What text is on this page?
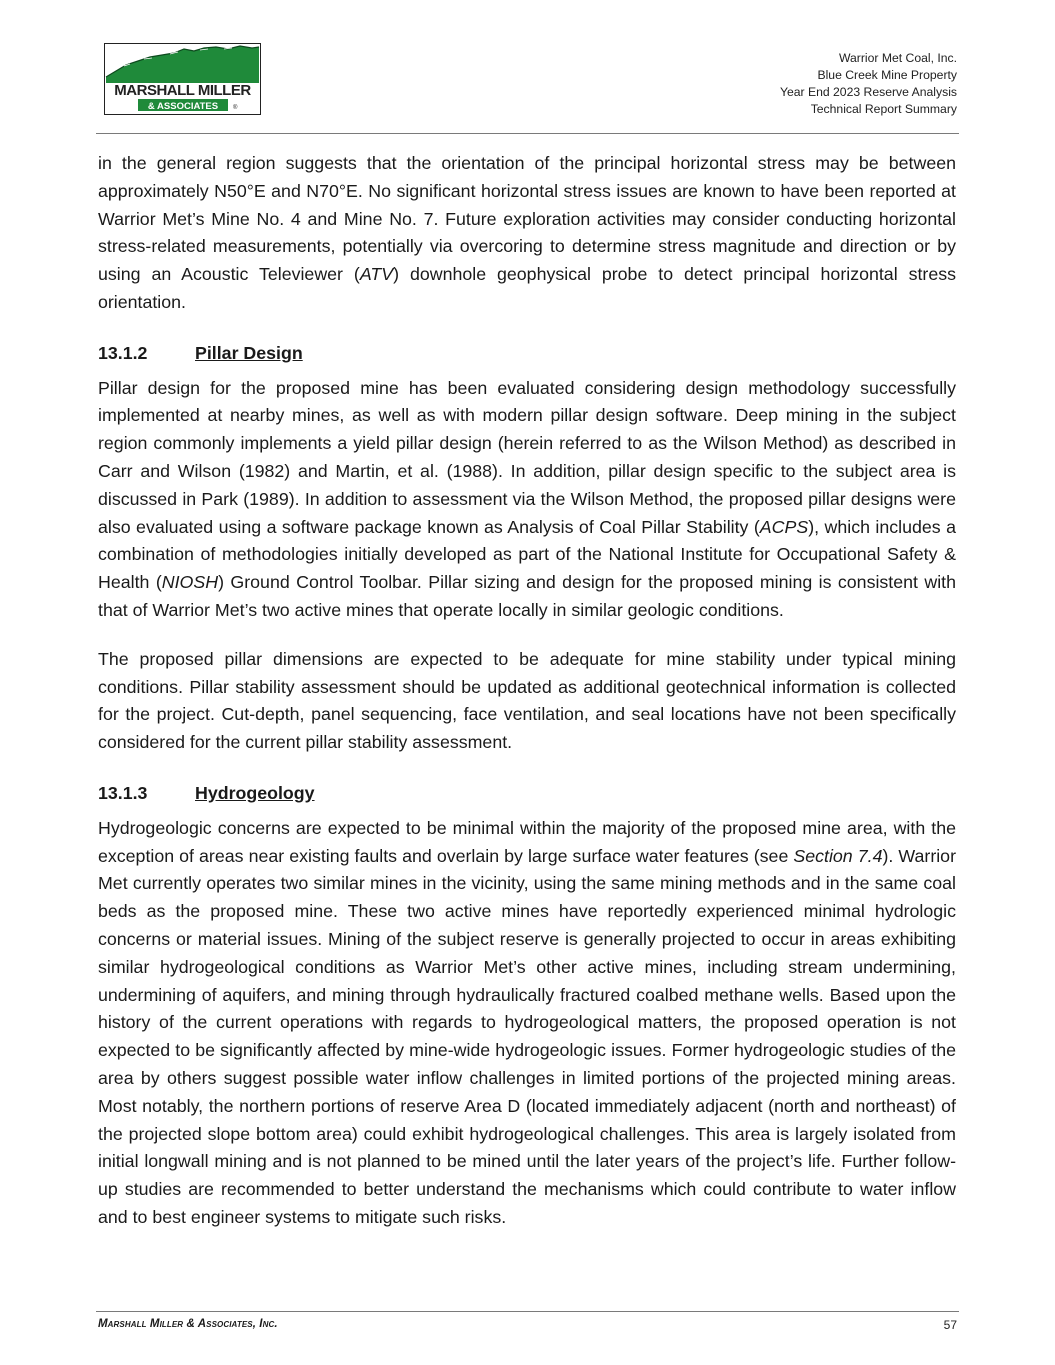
MARSHALL MILLER
& ASSOCIATES ®
Warrior Met Coal, Inc.
Blue Creek Mine Property
Year End 2023 Reserve Analysis
Technical Report Summary

in the general region suggests that the orientation of the principal horizontal stress may be between approximately N50°E and N70°E. No significant horizontal stress issues are known to have been reported at Warrior Met’s Mine No. 4 and Mine No. 7. Future exploration activities may consider conducting horizontal stress-related measurements, potentially via overcoring to determine stress magnitude and direction or by using an Acoustic Televiewer (ATV) downhole geophysical probe to detect principal horizontal stress orientation.

13.1.2	Pillar Design

Pillar design for the proposed mine has been evaluated considering design methodology successfully implemented at nearby mines, as well as with modern pillar design software. Deep mining in the subject region commonly implements a yield pillar design (herein referred to as the Wilson Method) as described in Carr and Wilson (1982) and Martin, et al. (1988). In addition, pillar design specific to the subject area is discussed in Park (1989). In addition to assessment via the Wilson Method, the proposed pillar designs were also evaluated using a software package known as Analysis of Coal Pillar Stability (ACPS), which includes a combination of methodologies initially developed as part of the National Institute for Occupational Safety & Health (NIOSH) Ground Control Toolbar. Pillar sizing and design for the proposed mining is consistent with that of Warrior Met’s two active mines that operate locally in similar geologic conditions.

The proposed pillar dimensions are expected to be adequate for mine stability under typical mining conditions. Pillar stability assessment should be updated as additional geotechnical information is collected for the project. Cut-depth, panel sequencing, face ventilation, and seal locations have not been specifically considered for the current pillar stability assessment.

13.1.3	Hydrogeology

Hydrogeologic concerns are expected to be minimal within the majority of the proposed mine area, with the exception of areas near existing faults and overlain by large surface water features (see Section 7.4). Warrior Met currently operates two similar mines in the vicinity, using the same mining methods and in the same coal beds as the proposed mine. These two active mines have reportedly experienced minimal hydrologic concerns or material issues. Mining of the subject reserve is generally projected to occur in areas exhibiting similar hydrogeological conditions as Warrior Met’s other active mines, including stream undermining, undermining of aquifers, and mining through hydraulically fractured coalbed methane wells. Based upon the history of the current operations with regards to hydrogeological matters, the proposed operation is not expected to be significantly affected by mine-wide hydrogeologic issues. Former hydrogeologic studies of the area by others suggest possible water inflow challenges in limited portions of the projected mining areas. Most notably, the northern portions of reserve Area D (located immediately adjacent (north and northeast) of the projected slope bottom area) could exhibit hydrogeological challenges. This area is largely isolated from initial longwall mining and is not planned to be mined until the later years of the project’s life. Further follow-up studies are recommended to better understand the mechanisms which could contribute to water inflow and to best engineer systems to mitigate such risks.

Marshall Miller & Associates, Inc.	57
